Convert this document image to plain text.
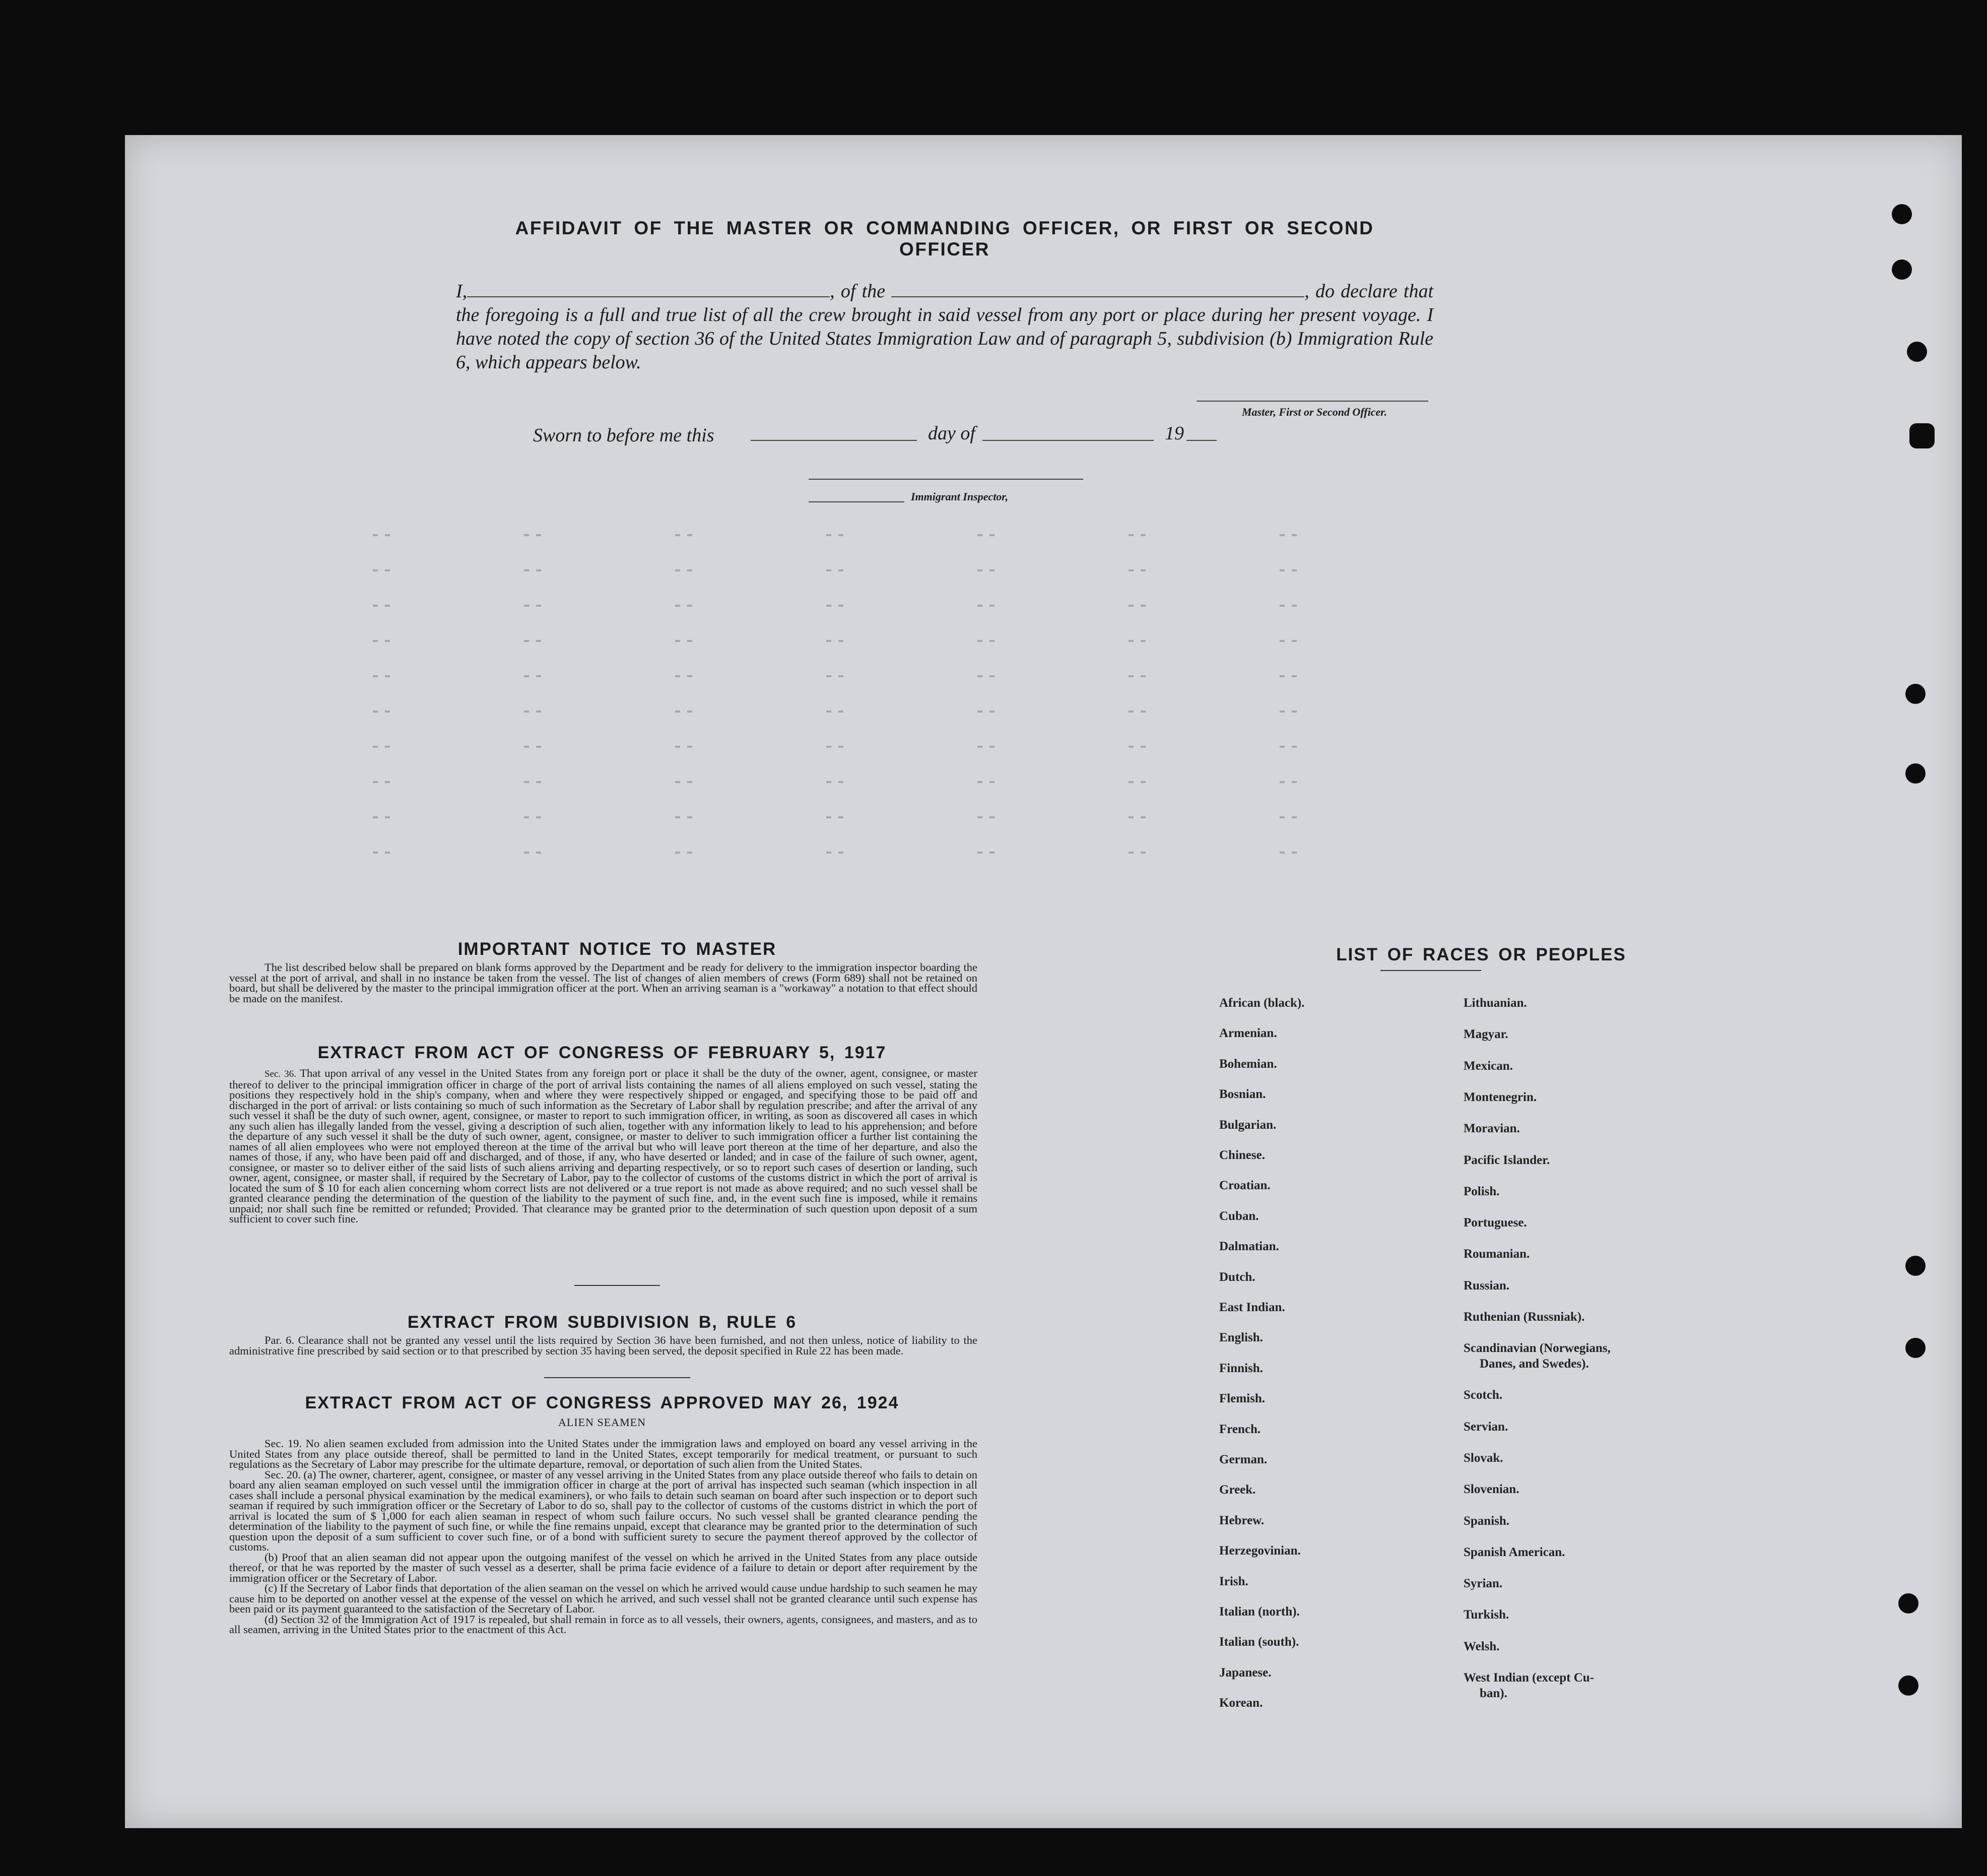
AFFIDAVIT OF THE MASTER OR COMMANDING OFFICER, OR FIRST OR SECOND OFFICER
I,	, of the	, do declare that the foregoing is a full and true list of all the crew brought in said vessel from any port or place during her present voyage. I have noted the copy of section 36 of the United States Immigration Law and of paragraph 5, subdivision (b) Immigration Rule 6, which appears below.
Master, First or Second Officer.
Sworn to before me this	day of	19
Immigrant Inspector,
IMPORTANT NOTICE TO MASTER

The list described below shall be prepared on blank forms approved by the Department and be ready for delivery to the immigration inspector boarding the vessel at the port of arrival, and shall in no instance be taken from the vessel. The list of changes of alien members of crews (Form 689) shall not be retained on board, but shall be delivered by the master to the principal immigration officer at the port. When an arriving seaman is a "workaway" a notation to that effect should be made on the manifest.

EXTRACT FROM ACT OF CONGRESS OF FEBRUARY 5, 1917

Sec. 36. That upon arrival of any vessel in the United States from any foreign port or place it shall be the duty of the owner, agent, consignee, or master thereof to deliver to the principal immigration officer in charge of the port of arrival lists containing the names of all aliens employed on such vessel, stating the positions they respectively hold in the ship's company, when and where they were respectively shipped or engaged, and specifying those to be paid off and discharged in the port of arrival: or lists containing so much of such information as the Secretary of Labor shall by regulation prescribe; and after the arrival of any such vessel it shall be the duty of such owner, agent, consignee, or master to report to such immigration officer, in writing, as soon as discovered all cases in which any such alien has illegally landed from the vessel, giving a description of such alien, together with any information likely to lead to his apprehension; and before the departure of any such vessel it shall be the duty of such owner, agent, consignee, or master to deliver to such immigration officer a further list containing the names of all alien employees who were not employed thereon at the time of the arrival but who will leave port thereon at the time of her departure, and also the names of those, if any, who have been paid off and discharged, and of those, if any, who have deserted or landed; and in case of the failure of such owner, agent, consignee, or master so to deliver either of the said lists of such aliens arriving and departing respectively, or so to report such cases of desertion or landing, such owner, agent, consignee, or master shall, if required by the Secretary of Labor, pay to the collector of customs of the customs district in which the port of arrival is located the sum of $ 10 for each alien concerning whom correct lists are not delivered or a true report is not made as above required; and no such vessel shall be granted clearance pending the determination of the question of the liability to the payment of such fine, and, in the event such fine is imposed, while it remains unpaid; nor shall such fine be remitted or refunded; Provided. That clearance may be granted prior to the determination of such question upon deposit of a sum sufficient to cover such fine.

EXTRACT FROM SUBDIVISION B, RULE 6

Par. 6. Clearance shall not be granted any vessel until the lists required by Section 36 have been furnished, and not then unless, notice of liability to the administrative fine prescribed by said section or to that prescribed by section 35 having been served, the deposit specified in Rule 22 has been made.

EXTRACT FROM ACT OF CONGRESS APPROVED MAY 26, 1924
ALIEN SEAMEN

Sec. 19. No alien seamen excluded from admission into the United States under the immigration laws and employed on board any vessel arriving in the United States from any place outside thereof, shall be permitted to land in the United States, except temporarily for medical treatment, or pursuant to such regulations as the Secretary of Labor may prescribe for the ultimate departure, removal, or deportation of such alien from the United States.

Sec. 20. (a) The owner, charterer, agent, consignee, or master of any vessel arriving in the United States from any place outside thereof who fails to detain on board any alien seaman employed on such vessel until the immigration officer in charge at the port of arrival has inspected such seaman (which inspection in all cases shall include a personal physical examination by the medical examiners), or who fails to detain such seaman on board after such inspection or to deport such seaman if required by such immigration officer or the Secretary of Labor to do so, shall pay to the collector of customs of the customs district in which the port of arrival is located the sum of $ 1,000 for each alien seaman in respect of whom such failure occurs. No such vessel shall be granted clearance pending the determination of the liability to the payment of such fine, or while the fine remains unpaid, except that clearance may be granted prior to the determination of such question upon the deposit of a sum sufficient to cover such fine, or of a bond with sufficient surety to secure the payment thereof approved by the collector of customs.

(b) Proof that an alien seaman did not appear upon the outgoing manifest of the vessel on which he arrived in the United States from any place outside thereof, or that he was reported by the master of such vessel as a deserter, shall be prima facie evidence of a failure to detain or deport after requirement by the immigration officer or the Secretary of Labor.

(c) If the Secretary of Labor finds that deportation of the alien seaman on the vessel on which he arrived would cause undue hardship to such seamen he may cause him to be deported on another vessel at the expense of the vessel on which he arrived, and such vessel shall not be granted clearance until such expense has been paid or its payment guaranteed to the satisfaction of the Secretary of Labor.

(d) Section 32 of the Immigration Act of 1917 is repealed, but shall remain in force as to all vessels, their owners, agents, consignees, and masters, and as to all seamen, arriving in the United States prior to the enactment of this Act.

LIST OF RACES OR PEOPLES
African (black).
Armenian.
Bohemian.
Bosnian.
Bulgarian.
Chinese.
Croatian.
Cuban.
Dalmatian.
Dutch.
East Indian.
English.
Finnish.
Flemish.
French.
German.
Greek.
Hebrew.
Herzegovinian.
Irish.
Italian (north).
Italian (south).
Japanese.
Korean.
Lithuanian.
Magyar.
Mexican.
Montenegrin.
Moravian.
Pacific Islander.
Polish.
Portuguese.
Roumanian.
Russian.
Ruthenian (Russniak).
Scandinavian (Norwegians,
Danes, and Swedes).
Scotch.
Servian.
Slovak.
Slovenian.
Spanish.
Spanish American.
Syrian.
Turkish.
Welsh.
West Indian (except Cu-
ban).
